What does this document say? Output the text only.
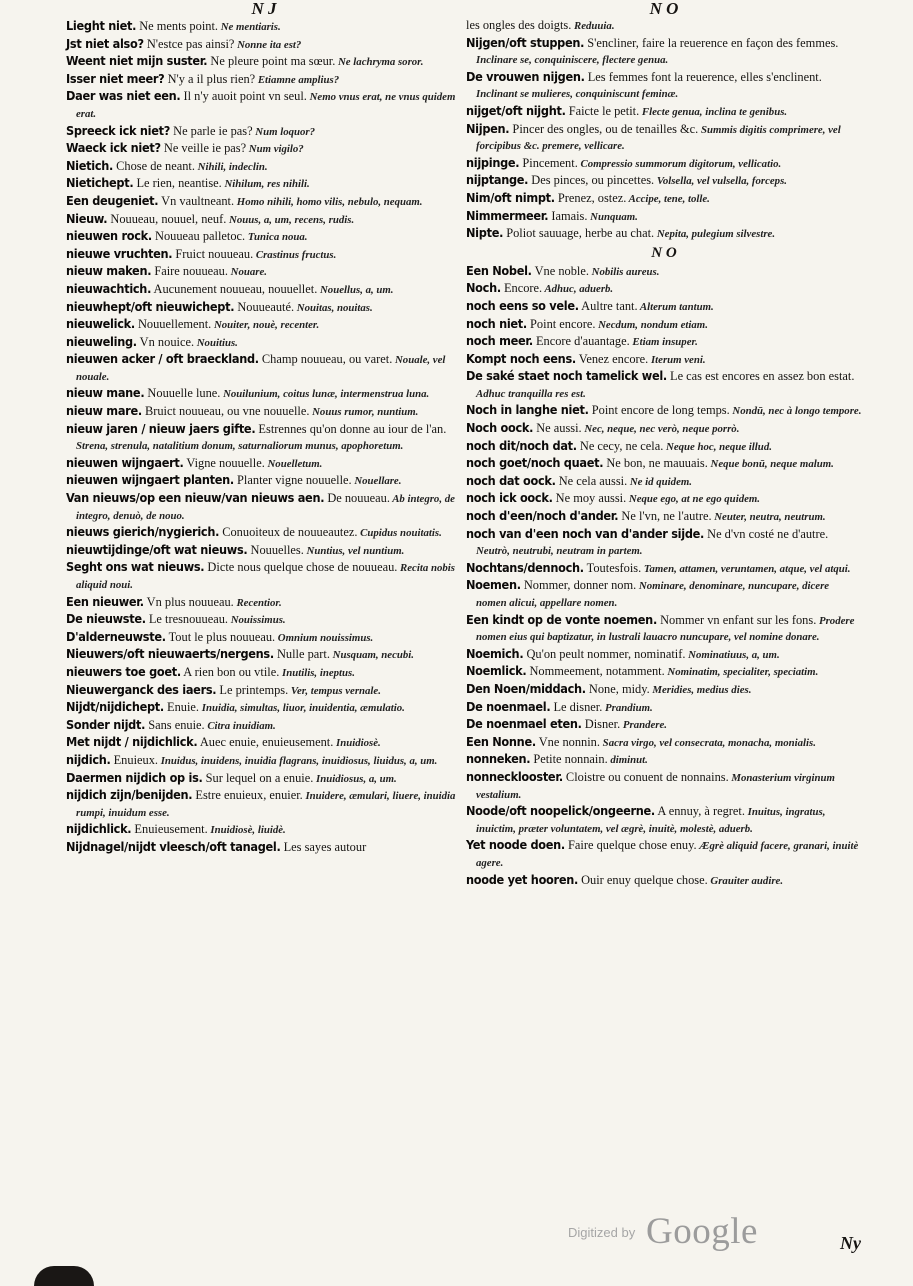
N J
Lieght niet. Ne ments point. Ne mentiaris.
Jst niet also? N'estce pas ainsi? Nonne ita est?
Weent niet mijn suster. Ne pleure point ma sœur. Ne lachryma soror.
Isser niet meer? N'y a il plus rien? Etiamne amplius?
Daer was niet een. Il n'y auoit point vn seul. Nemo vnus erat, ne vnus quidem erat.
Spreeck ick niet? Ne parle ie pas? Num loquor?
Waeck ick niet? Ne veille ie pas? Num vigilo?
Nietich. Chose de neant. Nihili, indeclin.
Nietichept. Le rien, neantise. Nihilum, res nihili.
Een deugeniet. Vn vaultneant. Homo nihili, homo vilis, nebulo, nequam.
Nieuw. Nouueau, nouuel, neuf. Nouus, a, um, recens, rudis.
nieuwen rock. Nouueau palletoc. Tunica noua.
nieuwe vruchten. Fruict nouueau. Crastinus fructus.
nieuw maken. Faire nouueau. Nouare.
nieuwachtich. Aucunement nouueau, nouuellet. Nouellus, a, um.
nieuwhept/oft nieuwichept. Nouueauté. Nouitas, nouitas.
nieuwelick. Nouuellement. Nouiter, nouè, recenter.
nieuweling. Vn nouice. Nouitius.
nieuwen acker / oft braeckland. Champ nouueau, ou varet. Nouale, vel nouale.
nieuw mane. Nouuelle lune. Nouilunium, coitus lunæ, intermenstrua luna.
nieuw mare. Bruict nouueau, ou vne nouuelle. Nouus rumor, nuntium.
nieuw jaren / nieuw jaers gifte. Estrennes qu'on donne au iour de l'an. Strena, strenula, natalitium donum, saturnaliorum munus, apophoretum.
nieuwen wijngaert. Vigne nouuelle. Nouelletum.
nieuwen wijngaert planten. Planter vigne nouuelle. Nouellare.
Van nieuws/op een nieuw/van nieuws aen. De nouueau. Ab integro, de integro, denuò, de nouo.
nieuws gierich/nygierich. Conuoiteux de nouueautez. Cupidus nouitatis.
nieuwtijdinge/oft wat nieuws. Nouuelles. Nuntius, vel nuntium.
Seght ons wat nieuws. Dicte nous quelque chose de nouueau. Recita nobis aliquid noui.
Een nieuwer. Vn plus nouueau. Recentior.
De nieuwste. Le tresnouueau. Nouissimus.
D'alderneuwste. Tout le plus nouueau. Omnium nouissimus.
Nieuwers/oft nieuwaerts/nergens. Nulle part. Nusquam, necubi.
nieuwers toe goet. A rien bon ou vtile. Inutilis, ineptus.
Nieuwerganck des iaers. Le printemps. Ver, tempus vernale.
Nijdt/nijdichept. Enuie. Inuidia, simultas, liuor, inuidentia, æmulatio.
Sonder nijdt. Sans enuie. Citra inuidiam.
Met nijdt / nijdichlick. Auec enuie, enuieusement. Inuidiosè.
nijdich. Enuieux. Inuidus, inuidens, inuidia flagrans, inuidiosus, liuidus, a, um.
Daermen nijdich op is. Sur lequel on a enuie. Inuidiosus, a, um.
nijdich zijn/benijden. Estre enuieux, enuier. Inuidere, æmulari, liuere, inuidia rumpi, inuidum esse.
nijdichlick. Enuieusement. Inuidiosè, liuidè.
Nijdnagel/nijdt vleesch/oft tanagel. Les sayes autour
N O
les ongles des doigts. Reduuia.
Nijgen/oft stuppen. S'encliner, faire la reuerence en façon des femmes. Inclinare se, conquiniscere, flectere genua.
De vrouwen nijgen. Les femmes font la reuerence, elles s'enclinent. Inclinant se mulieres, conquiniscunt feminæ.
nijget/oft nijght. Faicte le petit. Flecte genua, inclina te genibus.
Nijpen. Pincer des ongles, ou de tenailles &c. Summis digitis comprimere, vel forcipibus &c. premere, vellicare.
nijpinge. Pincement. Compressio summorum digitorum, vellicatio.
nijptange. Des pinces, ou pincettes. Volsella, vel vulsella, forceps.
Nim/oft nimpt. Prenez, ostez. Accipe, tene, tolle.
Nimmermeer. Iamais. Nunquam.
Nipte. Poliot sauuage, herbe au chat. Nepita, pulegium silvestre.
N O
Een Nobel. Vne noble. Nobilis aureus.
Noch. Encore. Adhuc, aduerb.
noch eens so vele. Aultre tant. Alterum tantum.
noch niet. Point encore. Necdum, nondum etiam.
noch meer. Encore d'auantage. Etiam insuper.
Kompt noch eens. Venez encore. Iterum veni.
De saké staet noch tamelick wel. Le cas est encores en assez bon estat. Adhuc tranquilla res est.
Noch in langhe niet. Point encore de long temps. Nondū, nec à longo tempore.
Noch oock. Ne aussi. Nec, neque, nec verò, neque porrò.
noch dit/noch dat. Ne cecy, ne cela. Neque hoc, neque illud.
noch goet/noch quaet. Ne bon, ne mauuais. Neque bonū, neque malum.
noch dat oock. Ne cela aussi. Ne id quidem.
noch ick oock. Ne moy aussi. Neque ego, at ne ego quidem.
noch d'een/noch d'ander. Ne l'vn, ne l'autre. Neuter, neutra, neutrum.
noch van d'een noch van d'ander sijde. Ne d'vn costé ne d'autre. Neutrò, neutrubi, neutram in partem.
Nochtans/dennoch. Toutesfois. Tamen, attamen, veruntamen, atque, vel atqui.
Noemen. Nommer, donner nom. Nominare, denominare, nuncupare, dicere nomen alicui, appellare nomen.
Een kindt op de vonte noemen. Nommer vn enfant sur les fons. Prodere nomen eius qui baptizatur, in lustrali lauacro nuncupare, vel nomine donare.
Noemich. Qu'on peult nommer, nominatif. Nominatiuus, a, um.
Noemlick. Nommeement, notamment. Nominatim, specialiter, speciatim.
Den Noen/middach. None, midy. Meridies, medius dies.
De noenmael. Le disner. Prandium.
De noenmael eten. Disner. Prandere.
Een Nonne. Vne nonnin. Sacra virgo, vel consecrata, monacha, monialis.
nonneken. Petite nonnain. diminut.
nonnecklooster. Cloistre ou conuent de nonnains. Monasterium virginum vestalium.
Noode/oft noopelick/ongeerne. A ennuy, à regret. Inuitus, ingratus, inuictim, præter voluntatem, vel ægrè, inuitè, molestè, aduerb.
Yet noode doen. Faire quelque chose enuy. Ægrè aliquid facere, granari, inuitè agere.
noode yet hooren. Ouir enuy quelque chose. Grauiter audire.
Digitized by Google	Ny
